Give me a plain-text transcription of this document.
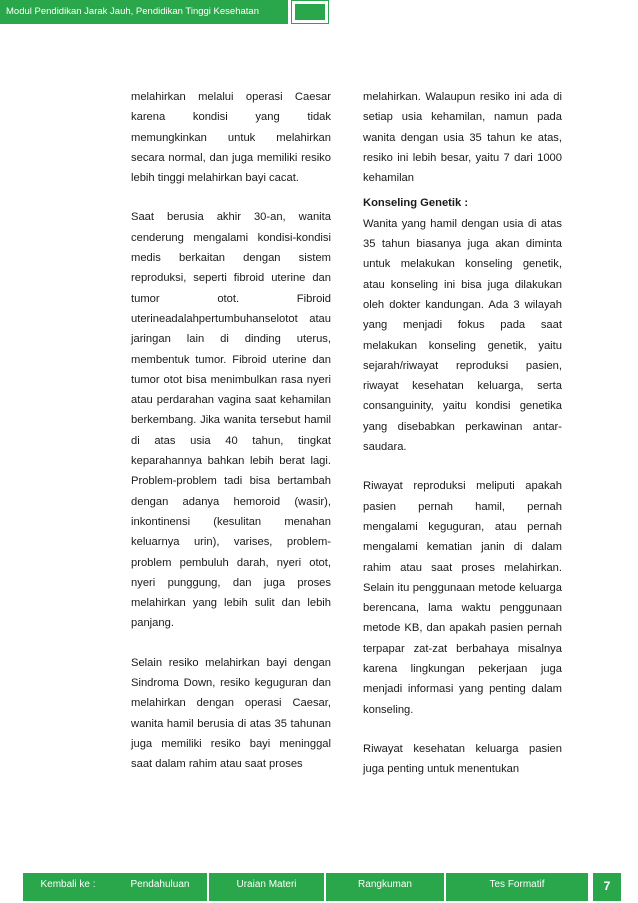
Modul Pendidikan Jarak Jauh, Pendidikan Tinggi Kesehatan

melahirkan melalui operasi Caesar karena kondisi yang tidak memungkinkan untuk melahirkan secara normal, dan juga memiliki resiko lebih tinggi melahirkan bayi cacat.

Saat berusia akhir 30-an, wanita cenderung mengalami kondisi-kondisi medis berkaitan dengan sistem reproduksi, seperti fibroid uterine dan tumor otot. Fibroid uterineadalahpertumbuhanselotot atau jaringan lain di dinding uterus, membentuk tumor. Fibroid uterine dan tumor otot bisa menimbulkan rasa nyeri atau perdarahan vagina saat kehamilan berkembang. Jika wanita tersebut hamil di atas usia 40 tahun, tingkat keparahannya bahkan lebih berat lagi. Problem-problem tadi bisa bertambah dengan adanya hemoroid (wasir), inkontinensi (kesulitan menahan keluarnya urin), varises, problem-problem pembuluh darah, nyeri otot, nyeri punggung, dan juga proses melahirkan yang lebih sulit dan lebih panjang.

Selain resiko melahirkan bayi dengan Sindroma Down, resiko keguguran dan melahirkan dengan operasi Caesar, wanita hamil berusia di atas 35 tahunan juga memiliki resiko bayi meninggal saat dalam rahim atau saat proses

melahirkan. Walaupun resiko ini ada di setiap usia kehamilan, namun pada wanita dengan usia 35 tahun ke atas, resiko ini lebih besar, yaitu 7 dari 1000 kehamilan

Konseling Genetik :

Wanita yang hamil dengan usia di atas 35 tahun biasanya juga akan diminta untuk melakukan konseling genetik, atau konseling ini bisa juga dilakukan oleh dokter kandungan. Ada 3 wilayah yang menjadi fokus pada saat melakukan konseling genetik, yaitu sejarah/riwayat reproduksi pasien, riwayat kesehatan keluarga, serta consanguinity, yaitu kondisi genetika yang disebabkan perkawinan antar-saudara.

Riwayat reproduksi meliputi apakah pasien pernah hamil, pernah mengalami keguguran, atau pernah mengalami kematian janin di dalam rahim atau saat proses melahirkan. Selain itu penggunaan metode keluarga berencana, lama waktu penggunaan metode KB, dan apakah pasien pernah terpapar zat-zat berbahaya misalnya karena lingkungan pekerjaan juga menjadi informasi yang penting dalam konseling.

Riwayat kesehatan keluarga pasien juga penting untuk menentukan

Kembali ke :	Pendahuluan	Uraian Materi	Rangkuman	Tes Formatif	7
